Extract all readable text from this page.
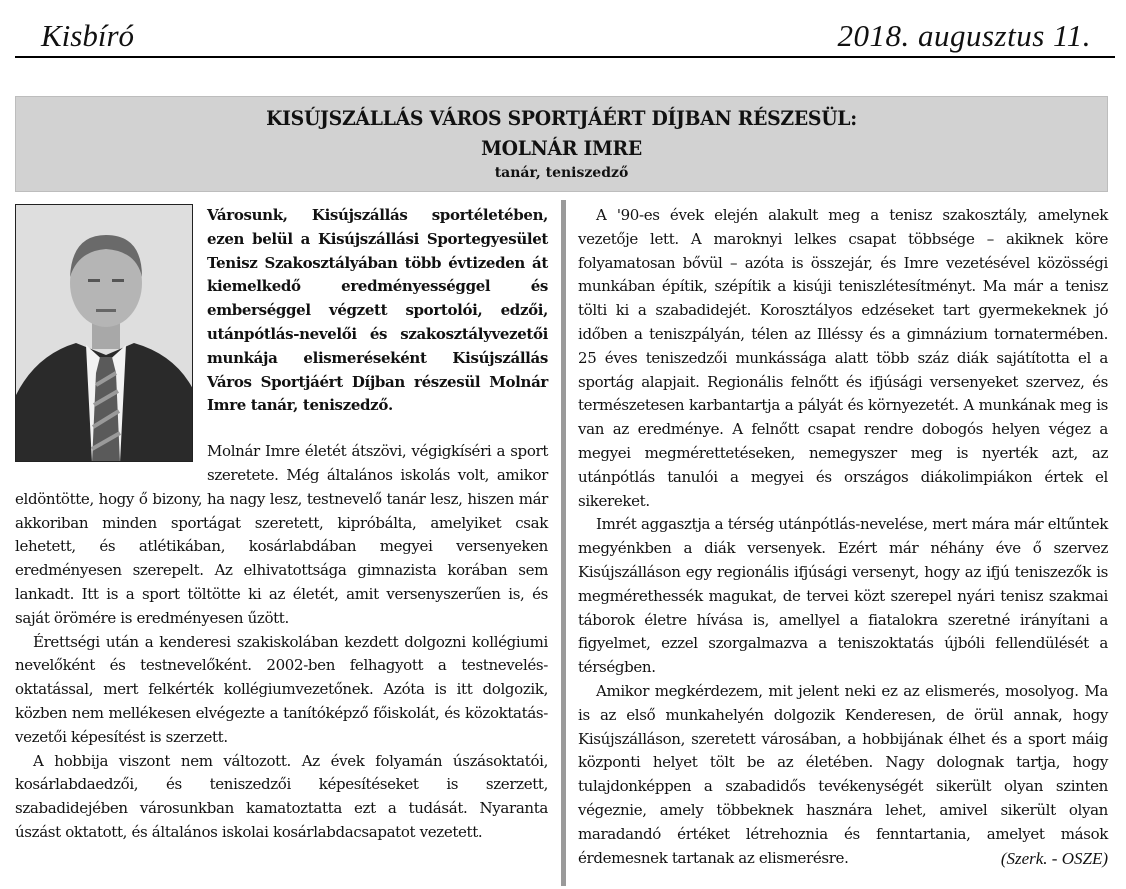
Kisbíró	2018. augusztus 11.
KISÚJSZÁLLÁS VÁROS SPORTJÁÉRT DÍJBAN RÉSZESÜL:
MOLNÁR IMRE
tanár, teniszedző

Városunk, Kisújszállás sportéletében, ezen belül a Kisújszállási Sportegyesület Tenisz Szakosztályában több évtizeden át kiemelkedő eredményességgel és emberséggel végzett sportolói, edzői, utánpótlás-nevelői és szakosztályvezetői munkája elismeréseként Kisújszállás Város Sportjáért Díjban részesül Molnár Imre tanár, teniszedző.

Molnár Imre életét átszövi, végigkíséri a sport szeretete. Még általános iskolás volt, amikor eldöntötte, hogy ő bizony, ha nagy lesz, testnevelő tanár lesz, hiszen már akkoriban minden sportágat szeretett, kipróbálta, amelyiket csak lehetett, és atlétikában, kosárlabdában megyei versenyeken eredményesen szerepelt. Az elhivatottsága gimnazista korában sem lankadt. Itt is a sport töltötte ki az életét, amit versenyszerűen is, és saját örömére is eredményesen űzött.

Érettségi után a kenderesi szakiskolában kezdett dolgozni kollégiumi nevelőként és testnevelőként. 2002-ben felhagyott a testnevelés-oktatással, mert felkérték kollégiumvezetőnek. Azóta is itt dolgozik, közben nem mellékesen elvégezte a tanítóképző főiskolát, és közoktatás-vezetői képesítést is szerzett.

A hobbija viszont nem változott. Az évek folyamán úszásoktatói, kosárlabdaedzői, és teniszedzői képesítéseket is szerzett, szabadidejében városunkban kamatoztatta ezt a tudását. Nyaranta úszást oktatott, és általános iskolai kosárlabdacsapatot vezetett.

A '90-es évek elején alakult meg a tenisz szakosztály, amelynek vezetője lett. A maroknyi lelkes csapat többsége – akiknek köre folyamatosan bővül – azóta is összejár, és Imre vezetésével közösségi munkában építik, szépítik a kisúji teniszlétesítményt. Ma már a tenisz tölti ki a szabadidejét. Korosztályos edzéseket tart gyermekeknek jó időben a teniszpályán, télen az Illéssy és a gimnázium tornatermében. 25 éves teniszedzői munkássága alatt több száz diák sajátította el a sportág alapjait. Regionális felnőtt és ifjúsági versenyeket szervez, és természetesen karbantartja a pályát és környezetét. A munkának meg is van az eredménye. A felnőtt csapat rendre dobogós helyen végez a megyei megmérettetéseken, nemegyszer meg is nyerték azt, az utánpótlás tanulói a megyei és országos diákolimpiákon értek el sikereket.

Imrét aggasztja a térség utánpótlás-nevelése, mert mára már eltűntek megyénkben a diák versenyek. Ezért már néhány éve ő szervez Kisújszálláson egy regionális ifjúsági versenyt, hogy az ifjú teniszezők is megmérethessék magukat, de tervei közt szerepel nyári tenisz szakmai táborok életre hívása is, amellyel a fiatalokra szeretné irányítani a figyelmet, ezzel szorgalmazva a teniszoktatás újbóli fellendülését a térségben.

Amikor megkérdezem, mit jelent neki ez az elismerés, mosolyog. Ma is az első munkahelyén dolgozik Kenderesen, de örül annak, hogy Kisújszálláson, szeretett városában, a hobbijának élhet és a sport máig központi helyet tölt be az életében. Nagy dolognak tartja, hogy tulajdonképpen a szabadidős tevékenységét sikerült olyan szinten végeznie, amely többeknek hasznára lehet, amivel sikerült olyan maradandó értéket létrehoznia és fenntartania, amelyet mások érdemesnek tartanak az elismerésre.	(Szerk. - OSZE)
